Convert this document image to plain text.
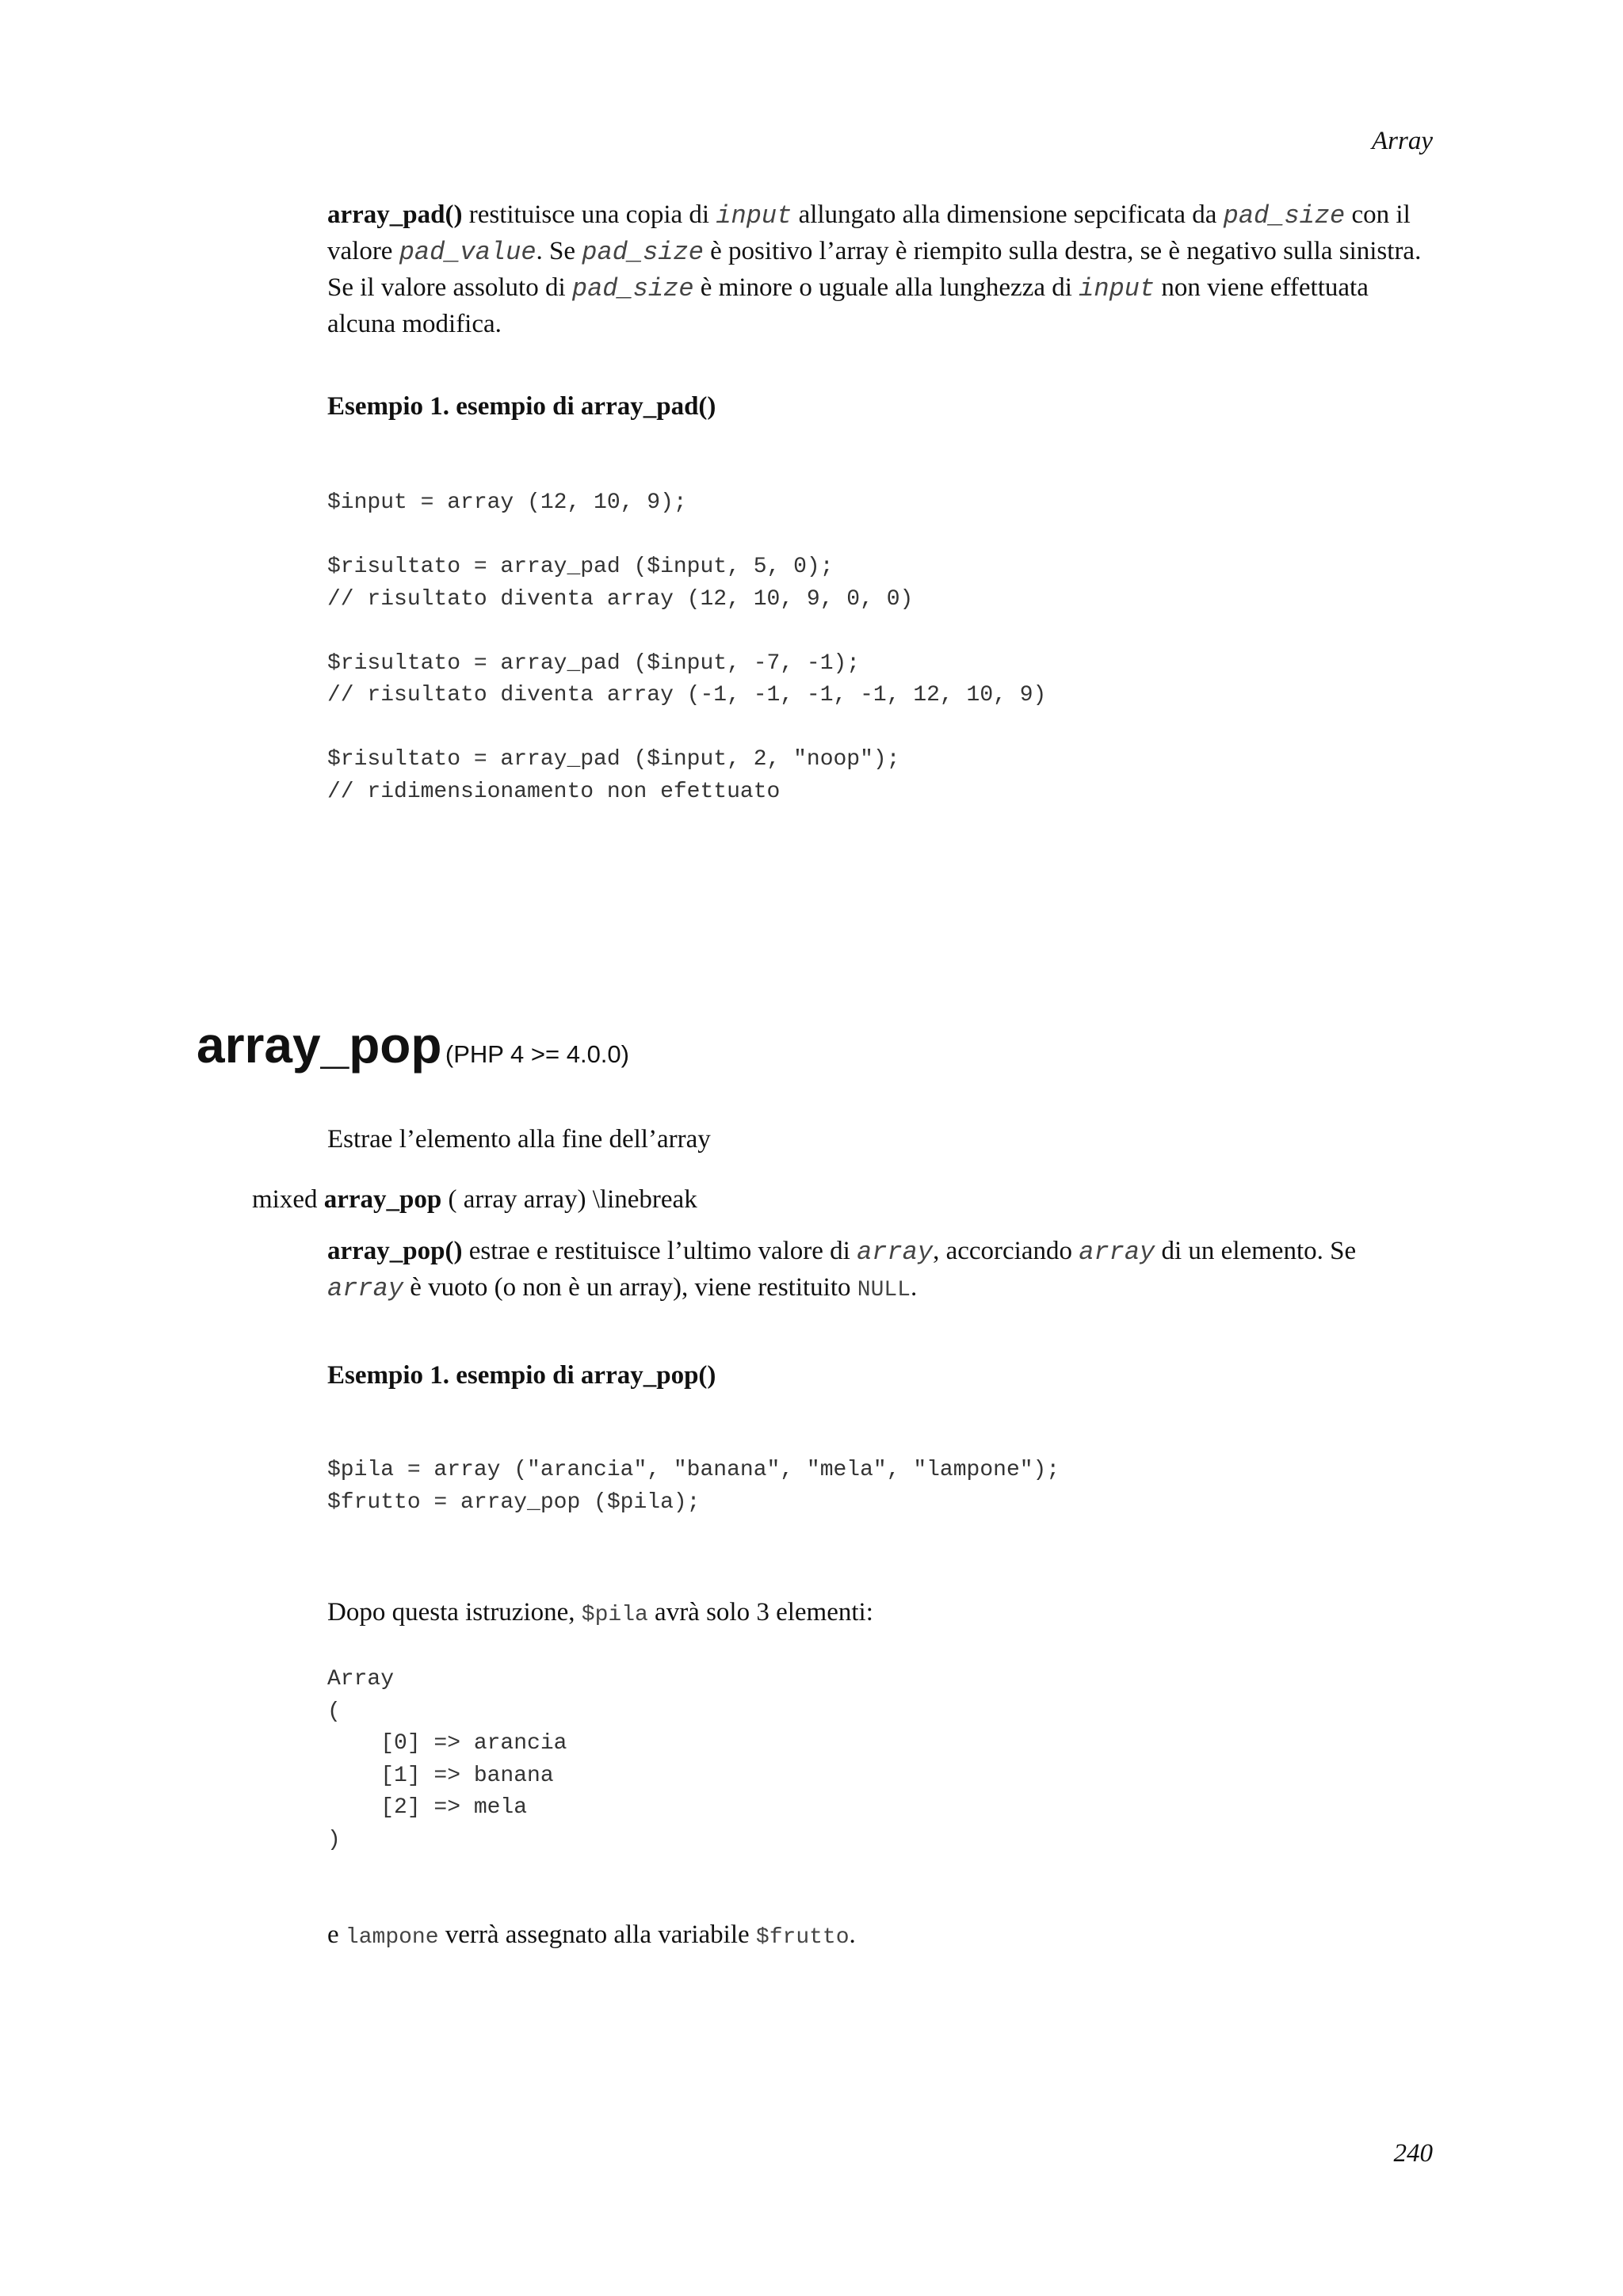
Array
array_pad() restituisce una copia di input allungato alla dimensione sepcificata da pad_size con il valore pad_value. Se pad_size è positivo l’array è riempito sulla destra, se è negativo sulla sinistra. Se il valore assoluto di pad_size è minore o uguale alla lunghezza di input non viene effettuata alcuna modifica.
Esempio 1. esempio di array_pad()
$input = array (12, 10, 9);

$risultato = array_pad ($input, 5, 0);
// risultato diventa array (12, 10, 9, 0, 0)

$risultato = array_pad ($input, -7, -1);
// risultato diventa array (-1, -1, -1, -1, 12, 10, 9)

$risultato = array_pad ($input, 2, "noop");
// ridimensionamento non efettuato
array_pop (PHP 4 >= 4.0.0)
Estrae l’elemento alla fine dell’array
mixed array_pop ( array array) \linebreak
array_pop() estrae e restituisce l’ultimo valore di array, accorciando array di un elemento. Se array è vuoto (o non è un array), viene restituito NULL.
Esempio 1. esempio di array_pop()
$pila = array ("arancia", "banana", "mela", "lampone");
$frutto = array_pop ($pila);
Dopo questa istruzione, $pila avrà solo 3 elementi:
Array
(
[0] => arancia
[1] => banana
[2] => mela
)
e lampone verrà assegnato alla variabile $frutto.
240
